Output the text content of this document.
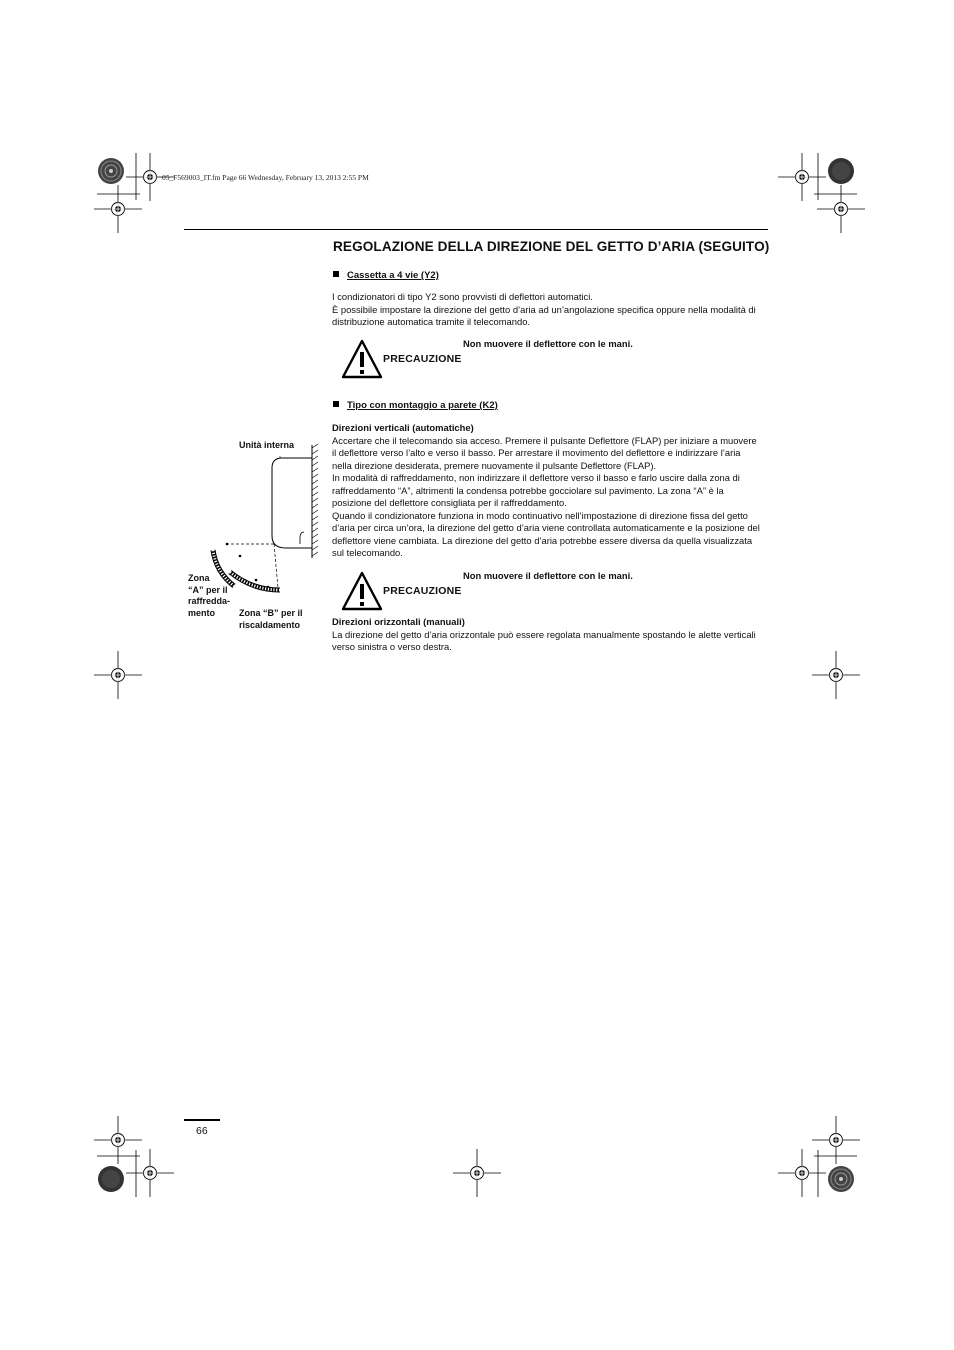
05_F569003_IT.fm Page 66 Wednesday, February 13, 2013 2:55 PM
REGOLAZIONE DELLA DIREZIONE DEL GETTO D’ARIA (SEGUITO)
Cassetta a 4 vie (Y2)
I condizionatori di tipo Y2 sono provvisti di deflettori automatici.
È possibile impostare la direzione del getto d’aria ad un’angolazione specifica oppure nella modalità di distribuzione automatica tramite il telecomando.
PRECAUZIONE
Non muovere il deflettore con le mani.
Tipo con montaggio a parete (K2)

Direzioni verticali (automatiche)

Accertare che il telecomando sia acceso. Premere il pulsante Deflettore (FLAP) per iniziare a muovere il deflettore verso l’alto e verso il basso. Per arrestare il movimento del deflettore e indirizzare l’aria nella direzione desiderata, premere nuovamente il pulsante Deflettore (FLAP).
In modalità di raffreddamento, non indirizzare il deflettore verso il basso e farlo uscire dalla zona di raffreddamento “A”, altrimenti la condensa potrebbe gocciolare sul pavimento. La zona “A” è la posizione del deflettore consigliata per il raffreddamento.
Quando il condizionatore funziona in modo continuativo nell’impostazione di direzione fissa del getto d’aria per circa un’ora, la direzione del getto d’aria viene controllata automaticamente e la posizione del deflettore viene cambiata. La direzione del getto d’aria potrebbe essere diversa da quella visualizzata sul telecomando.

PRECAUZIONE
Non muovere il deflettore con le mani.

Direzioni orizzontali (manuali)

La direzione del getto d’aria orizzontale può essere regolata manualmente spostando le alette verticali verso sinistra o verso destra.

Unità interna
Zona
“A” per il
raffredda-
mento	Zona “B” per il
riscaldamento
66
